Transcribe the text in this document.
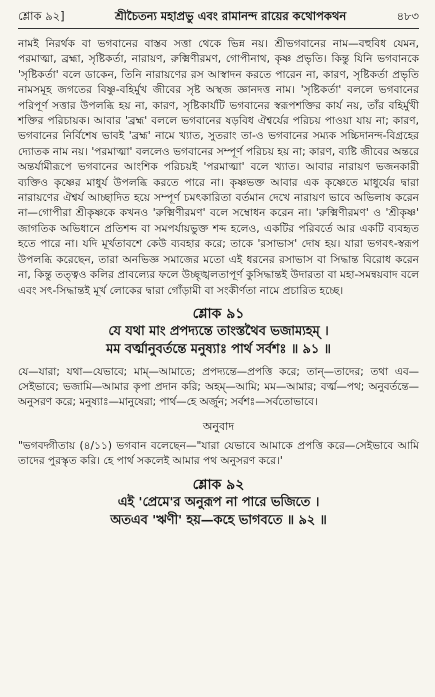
শ্লোক ৯২]	শ্রীচৈতন্য মহাপ্রভু এবং রামানন্দ রায়ের কথোপকথন	৪৮৩

নামই নিরর্থক বা ভগবানের বাস্তব সত্তা থেকে ভিন্ন নয়। শ্রীভগবানের নাম—বহুবিধ যেমন, পরমাত্মা, ব্রহ্মা, সৃষ্টিকর্তা, নারায়ণ, রুক্মিণীরমণ, গোপীনাথ, কৃষ্ণ প্রভৃতি। কিন্তু যিনি ভগবানকে 'সৃষ্টিকর্তা' বলে ডাকেন, তিনি নারায়ণের রস আস্বাদন করতে পারেন না, কারণ, সৃষ্টিকর্তা প্রভৃতি নামসমূহ জগতের বিষ্ণু-বহির্মুখ জীবের সৃষ্ট অস্থজ জ্ঞানদত্ত নাম। 'সৃষ্টিকর্তা' বললে ভগবানের পরিপূর্ণ সত্তার উপলব্ধি হয় না, কারণ, সৃষ্টিকার্যটি ভগবানের স্বরূপশক্তির কার্য নয়, তাঁর বহির্মুখী শক্তির পরিচায়ক। আবার 'ব্রহ্ম' বললে ভগবানের ষড়বিধ ঐশ্বর্যের পরিচয় পাওয়া যায় না; কারণ, ভগবানের নির্বিশেষ ভাবই 'ব্রহ্ম' নামে খ্যাত, সুতরাং তা-ও ভগবানের সম্যক সচ্চিদানন্দ-বিগ্রহের দ্যোতক নাম নয়। 'পরমাত্মা' বললেও ভগবানের সম্পূর্ণ পরিচয় হয় না; কারণ, ব্যষ্টি জীবের অন্তরে অন্তর্যামীরূপে ভগবানের আংশিক পরিচয়ই 'পরমাত্মা' বলে খ্যাত। আবার নারায়ণ ভজনকারী ব্যক্তিও কৃষ্ণের মাধুর্য উপলব্ধি করতে পারে না। কৃষ্ণভক্ত আবার এক কৃষ্ণেতে মাধুর্যের দ্বারা নারায়ণের ঐশ্বর্য আচ্ছাদিত হয়ে সম্পূর্ণ চমৎকারিতা বর্তমান দেখে নারায়ণ ভাবে অভিলাষ করেন না—গোপীরা শ্রীকৃষ্ণকে কখনও 'রুক্মিণীরমণ' বলে সম্বোধন করেন না। 'রুক্মিণীরমণ' ও 'শ্রীকৃষ্ণ' জাগতিক অভিধানে প্রতিশব্দ বা সমপর্যায়ভুক্ত শব্দ হলেও, একটির পরিবর্তে আর একটি ব্যবহৃত হতে পারে না। যদি মূর্খতাবশে কেউ ব্যবহার করে; তাকে 'রসাভাস' দোষ হয়। যারা ভগবৎ-স্বরূপ উপলব্ধি করেছেন, তারা অনভিজ্ঞ সমাজের মতো এই ধরনের রসাভাস বা সিদ্ধান্ত বিরোধ করেন না, কিন্তু তত্ত্বও কলির প্রাবল্যের ফলে উচ্ছৃঙ্খলতাপূর্ণ কুসিদ্ধান্তই উদারতা বা মহা-সমন্বয়বাদ বলে এবং সৎ-সিদ্ধান্তই মূর্খ লোকের দ্বারা গোঁড়ামী বা সংকীর্ণতা নামে প্রচারিত হচ্ছে।

শ্লোক ৯১
যে যথা মাং প্রপদ্যন্তে তাংস্তথৈব ভজাম্যহম্ ।
মম বর্ত্মানুবর্তন্তে মনুষ্যাঃ পার্থ সর্বশঃ ॥ ৯১ ॥
যে—যারা; যথা—যেভাবে; মাম্—আমাতে; প্রপদ্যন্তে—প্রপত্তি করে; তান্—তাদের; তথা এব—সেইভাবে; ভজামি—আমার কৃপা প্রদান করি; অহম্—আমি; মম—আমার; বর্ত্ম—পথ; অনুবর্তন্তে—অনুসরণ করে; মনুষ্যাঃ—মানুষেরা; পার্থ—হে অর্জুন; সর্বশঃ—সর্বতোভাবে।
অনুবাদ
"ভগবদ্গীতায় (৪/১১) ভগবান বলেছেন—"যারা যেভাবে আমাকে প্রপত্তি করে—সেইভাবে আমি তাদের পুরস্কৃত করি। হে পার্থ সকলেই আমার পথ অনুসরণ করে।'
শ্লোক ৯২
এই 'প্রেমে'র অনুরূপ না পারে ভজিতে ।
অতএব 'ঋণী' হয়—কহে ভাগবতে ॥ ৯২ ॥
